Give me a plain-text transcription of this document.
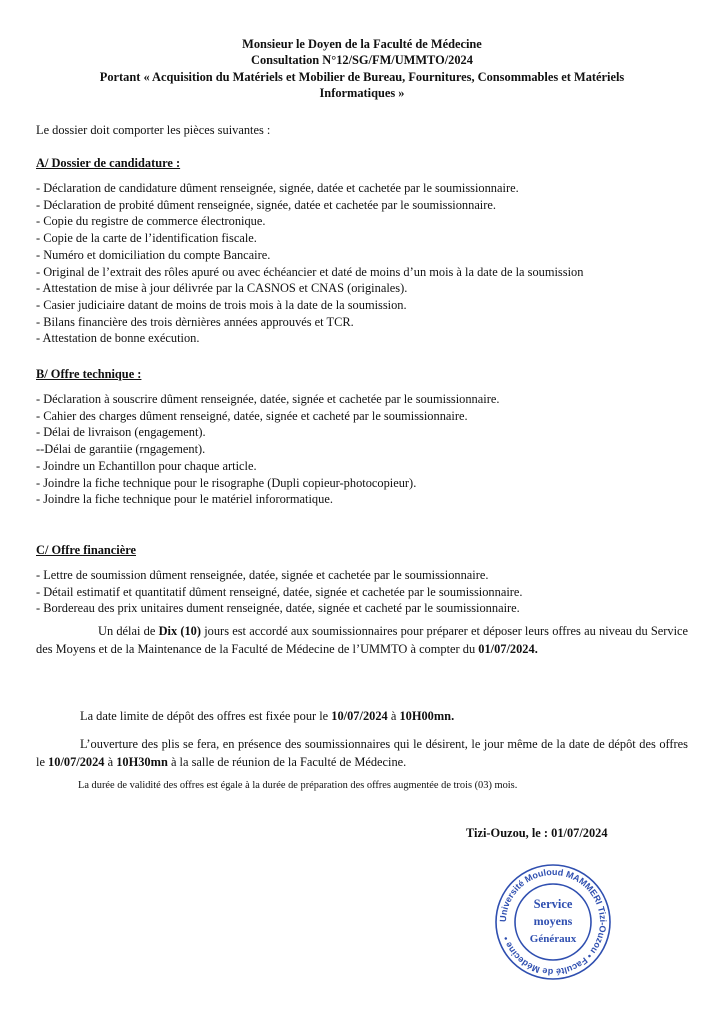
Monsieur le Doyen de la Faculté de Médecine
Consultation N°12/SG/FM/UMMTO/2024
Portant « Acquisition du Matériels et Mobilier de Bureau, Fournitures, Consommables et Matériels
Informatiques »
Le dossier doit comporter les pièces suivantes :
A/ Dossier de candidature :
- Déclaration de candidature dûment renseignée, signée, datée et cachetée par le soumissionnaire.
- Déclaration de probité dûment renseignée, signée, datée et cachetée par le soumissionnaire.
- Copie du registre de commerce électronique.
- Copie de la carte de l’identification fiscale.
- Numéro et domiciliation du compte Bancaire.
- Original de l’extrait des rôles apuré ou avec échéancier et daté de moins d’un mois à la date de la soumission
- Attestation de mise à jour délivrée par la CASNOS et CNAS (originales).
- Casier judiciaire datant de moins de trois mois à la date de la soumission.
- Bilans financière des trois dèrnières années approuvés et TCR.
- Attestation de bonne exécution.
B/ Offre technique :
- Déclaration à souscrire dûment renseignée, datée, signée et cachetée par le soumissionnaire.
- Cahier des charges dûment renseigné, datée, signée et cacheté par le soumissionnaire.
- Délai de livraison (engagement).
--Délai de garantiie (rngagement).
- Joindre un Echantillon pour chaque article.
- Joindre la fiche technique pour le risographe (Dupli copieur-photocopieur).
- Joindre la fiche technique pour le matériel inforormatique.
C/ Offre financière
- Lettre de soumission dûment renseignée, datée, signée et cachetée par le soumissionnaire.
- Détail estimatif et quantitatif dûment renseigné, datée, signée et cachetée par le soumissionnaire.
- Bordereau des prix unitaires dument renseignée, datée, signée et cacheté par le soumissionnaire.
Un délai de Dix (10) jours est accordé aux soumissionnaires pour préparer et déposer leurs offres au niveau du Service des Moyens et de la Maintenance de la Faculté de Médecine de l’UMMTO à compter du 01/07/2024.
La date limite de dépôt des offres est fixée pour le 10/07/2024 à 10H00mn.
L’ouverture des plis se fera, en présence des soumissionnaires qui le désirent, le jour même de la date de dépôt des offres le 10/07/2024 à 10H30mn à la salle de réunion de la Faculté de Médecine.
La durée de validité des offres est égale à la durée de préparation des offres augmentée de trois (03) mois.
Tizi-Ouzou, le : 01/07/2024
Université Mouloud MAMMERI Tizi-Ouzou • Faculté de Médecine •
Service
moyens
Généraux
